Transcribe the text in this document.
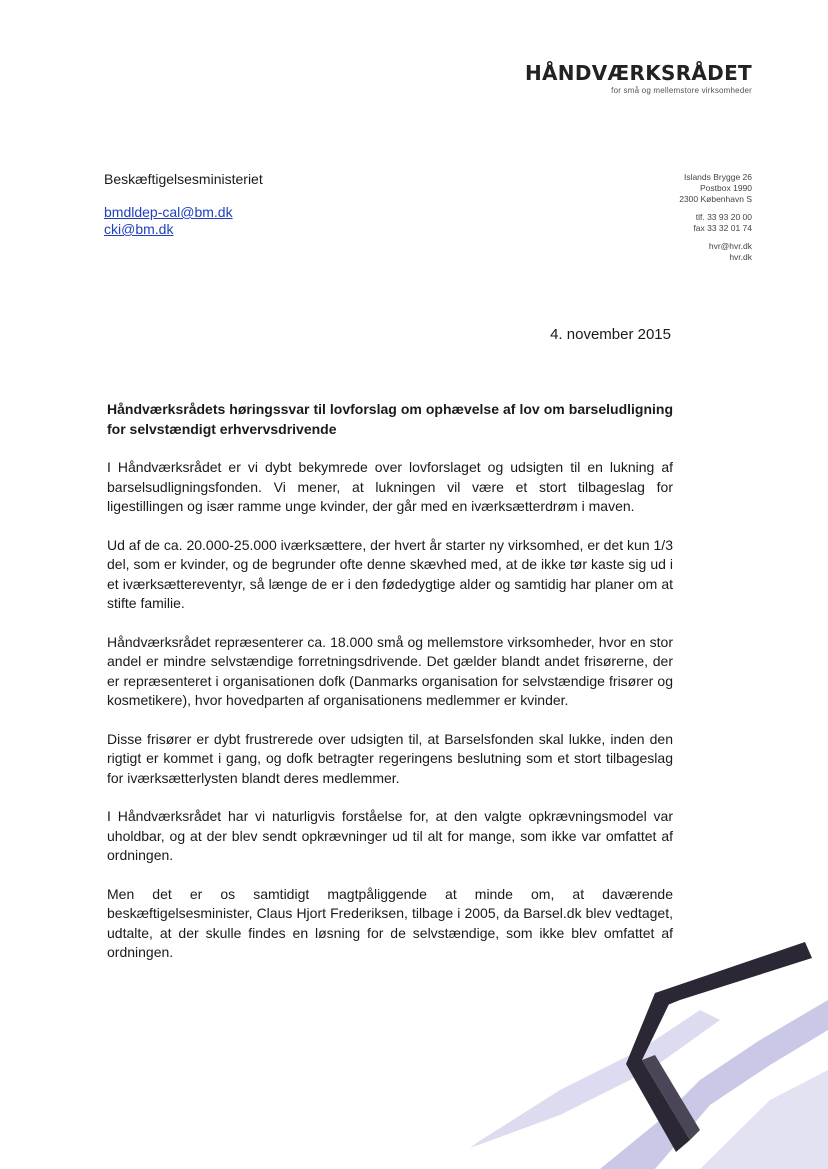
HÅNDVÆRKSRÅDET
for små og mellemstore virksomheder
Beskæftigelsesministeriet
bmdldep-cal@bm.dk
cki@bm.dk
Islands Brygge 26
Postbox 1990
2300 København S
tlf. 33 93 20 00
fax 33 32 01 74
hvr@hvr.dk
hvr.dk
4. november 2015
Håndværksrådets høringssvar til lovforslag om ophævelse af lov om barseludligning for selvstændigt erhvervsdrivende

I Håndværksrådet er vi dybt bekymrede over lovforslaget og udsigten til en lukning af barselsudligningsfonden. Vi mener, at lukningen vil være et stort tilbageslag for ligestillingen og især ramme unge kvinder, der går med en iværksætterdrøm i maven.

Ud af de ca. 20.000-25.000 iværksættere, der hvert år starter ny virksomhed, er det kun 1/3 del, som er kvinder, og de begrunder ofte denne skævhed med, at de ikke tør kaste sig ud i et iværksættereventyr, så længe de er i den fødedygtige alder og samtidig har planer om at stifte familie.

Håndværksrådet repræsenterer ca. 18.000 små og mellemstore virksomheder, hvor en stor andel er mindre selvstændige forretningsdrivende. Det gælder blandt andet frisørerne, der er repræsenteret i organisationen dofk (Danmarks organisation for selvstændige frisører og kosmetikere), hvor hovedparten af organisationens medlemmer er kvinder.

Disse frisører er dybt frustrerede over udsigten til, at Barselsfonden skal lukke, inden den rigtigt er kommet i gang, og dofk betragter regeringens beslutning som et stort tilbageslag for iværksætterlysten blandt deres medlemmer.

I Håndværksrådet har vi naturligvis forståelse for, at den valgte opkrævningsmodel var uholdbar, og at der blev sendt opkrævninger ud til alt for mange, som ikke var omfattet af ordningen.

Men det er os samtidigt magtpåliggende at minde om, at daværende beskæftigelsesminister, Claus Hjort Frederiksen, tilbage i 2005, da Barsel.dk blev vedtaget, udtalte, at der skulle findes en løsning for de selvstændige, som ikke blev omfattet af ordningen.
